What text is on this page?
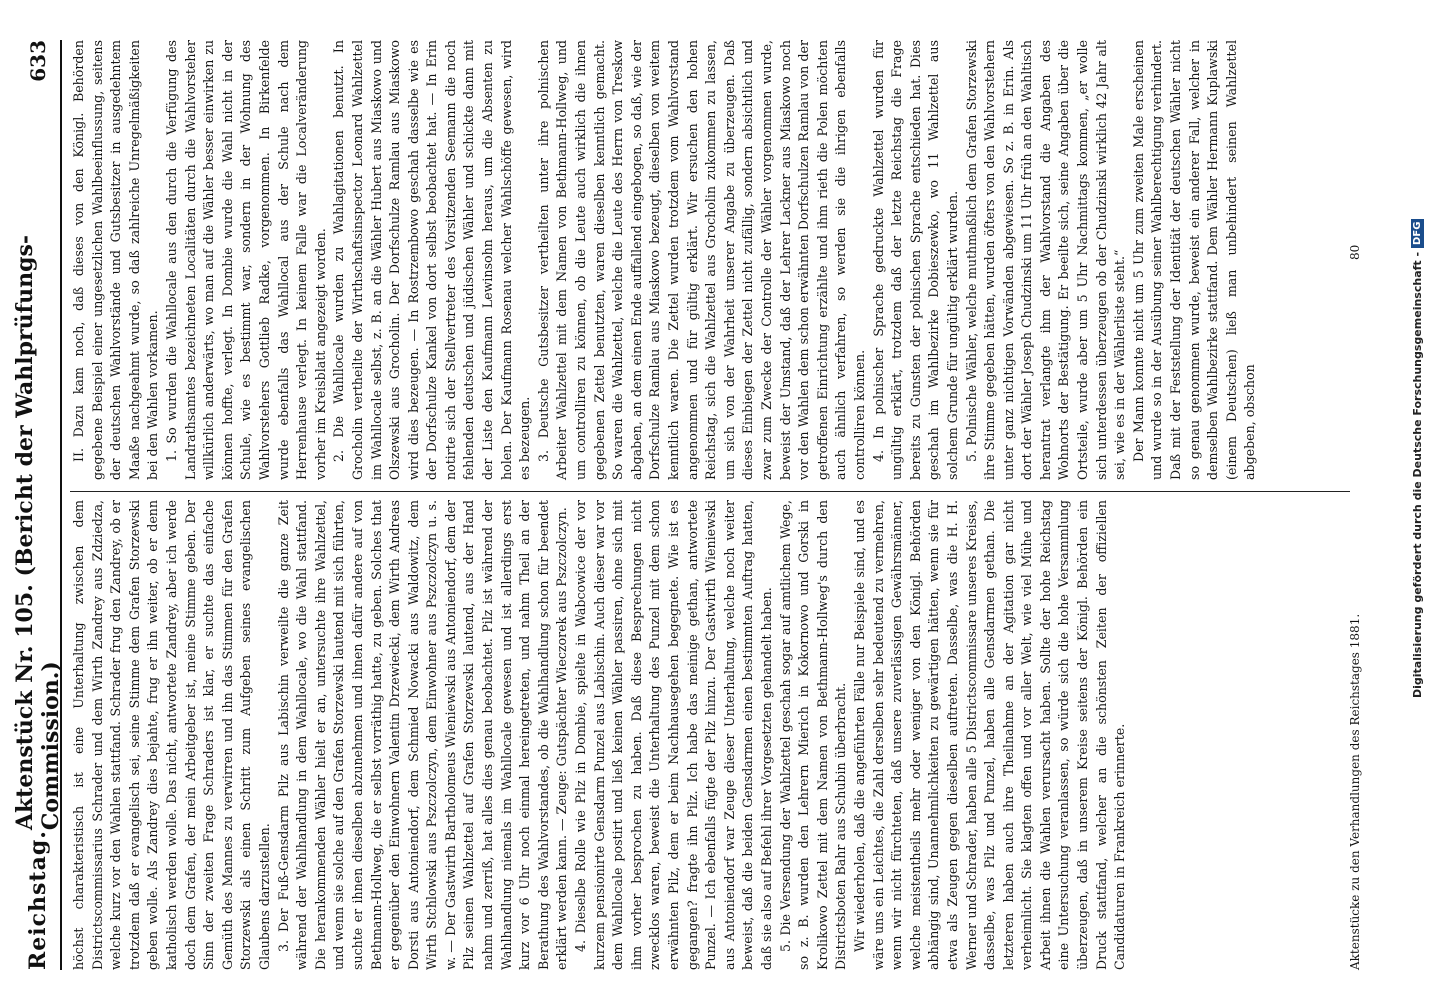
Reichstag.
Aktenstück Nr. 105. (Bericht der Wahlprüfungs-Commission.)
633

höchst charakteristisch ist eine Unterhaltung zwischen dem Districtscommissarius Schrader und dem Wirth Zandrey aus Zdziedza, welche kurz vor den Wahlen stattfand. Schrader frug den Zandrey, ob er trotzdem daß er evangelisch sei, seine Stimme dem Grafen Storzewski geben wolle. Als Zandrey dies bejahte, frug er ihn weiter, ob er denn katholisch werden wolle. Das nicht, antwortete Zandrey, aber ich werde doch dem Grafen, der mein Arbeitgeber ist, meine Stimme geben. Der Sinn der zweiten Frage Schraders ist klar, er suchte das einfache Gemüth des Mannes zu verwirren und ihn das Stimmen für den Grafen Storzewski als einen Schritt zum Aufgeben seines evangelischen Glaubens darzustellen. 3. Der Fuß-Gensdarm Pilz aus Labischin verweilte die ganze Zeit während der Wahlhandlung in dem Wahllocale, wo die Wahl stattfand. Die herankommenden Wähler hielt er an, untersuchte ihre Wahlzettel, und wenn sie solche auf den Grafen Storzewski lautend mit sich führten, suchte er ihnen dieselben abzunehmen und ihnen dafür andere auf von Bethmann-Hollweg, die er selbst vorräthig hatte, zu geben. Solches that er gegenüber den Einwohnern Valentin Drzewiecki, dem Wirth Andreas Dorsti aus Antoniendorf, dem Schmied Nowacki aus Waldowitz, dem Wirth Stchlowski aus Pszczolczyn, dem Einwohner aus Pszczolczyn u. s. w. — Der Gastwirth Bartholomeus Wieniewski aus Antoniendorf, dem der Pilz seinen Wahlzettel auf Grafen Storzewski lautend, aus der Hand nahm und zerriß, hat alles dies genau beobachtet. Pilz ist während der Wahlhandlung niemals im Wahllocale gewesen und ist allerdings erst kurz vor 6 Uhr noch einmal hereingetreten, und nahm Theil an der Berathung des Wahlvorstandes, ob die Wahlhandlung schon für beendet erklärt werden kann. — Zeuge: Gutspächter Wieczorek aus Pszczolczyn. 4. Dieselbe Rolle wie Pilz in Dombie, spielte in Wabcowice der vor kurzem pensionirte Gensdarm Punzel aus Labischin. Auch dieser war vor dem Wahllocale postirt und ließ keinen Wähler passiren, ohne sich mit ihm vorher besprochen zu haben. Daß diese Besprechungen nicht zwecklos waren, beweist die Unterhaltung des Punzel mit dem schon erwähnten Pilz, dem er beim Nachhausegehen begegnete. Wie ist es gegangen? fragte ihn Pilz. Ich habe das meinige gethan, antwortete Punzel. — Ich ebenfalls fügte der Pilz hinzu. Der Gastwirth Wieniewski aus Antoniendorf war Zeuge dieser Unterhaltung, welche noch weiter beweist, daß die beiden Gensdarmen einen bestimmten Auftrag hatten, daß sie also auf Befehl ihrer Vorgesetzten gehandelt haben. 5. Die Versendung der Wahlzettel geschah sogar auf amtlichem Wege, so z. B. wurden den Lehrern Mierich in Kokornowo und Gorski in Krolikowo Zettel mit dem Namen von Bethmann-Hollweg's durch den Districtsboten Bahr aus Schubin überbracht. Wir wiederholen, daß die angeführten Fälle nur Beispiele sind, und es wäre uns ein Leichtes, die Zahl derselben sehr bedeutend zu vermehren, wenn wir nicht fürchteten, daß unsere zuverlässigen Gewährsmänner, welche meistentheils mehr oder weniger von den Königl. Behörden abhängig sind, Unannehmlichkeiten zu gewärtigen hätten, wenn sie für etwa als Zeugen gegen dieselben auftreten. Dasselbe, was die H. H. Werner und Schrader, haben alle 5 Districtscommissare unseres Kreises, dasselbe, was Pilz und Punzel, haben alle Gensdarmen gethan. Die letzteren haben auch ihre Theilnahme an der Agitation gar nicht verheimlicht. Sie klagten offen und vor aller Welt, wie viel Mühe und Arbeit ihnen die Wahlen verursacht haben. Sollte der hohe Reichstag eine Untersuchung veranlassen, so würde sich die hohe Versammlung überzeugen, daß in unserem Kreise seitens der Königl. Behörden ein Druck stattfand, welcher an die schönsten Zeiten der offiziellen Candidaturen in Frankreich erinnerte.

II. Dazu kam noch, daß dieses von den Königl. Behörden gegebene Beispiel einer ungesetzlichen Wahlbeeinflussung, seitens der deutschen Wahlvorstände und Gutsbesitzer in ausgedehntem Maaße nachgeahmt wurde, so daß zahlreiche Unregelmäßigkeiten bei den Wahlen vorkamen. 1. So wurden die Wahllocale aus den durch die Verfügung des Landrathsamtes bezeichneten Localitäten durch die Wahlvorsteher willkürlich anderwärts, wo man auf die Wähler besser einwirken zu können hoffte, verlegt. In Dombie wurde die Wahl nicht in der Schule, wie es bestimmt war, sondern in der Wohnung des Wahlvorstehers Gottlieb Radke, vorgenommen. In Birkenfelde wurde ebenfalls das Wahllocal aus der Schule nach dem Herrenhause verlegt. In keinem Falle war die Localveränderung vorher im Kreisblatt angezeigt worden. 2. Die Wahllocale wurden zu Wahlagitationen benutzt. In Grocholin vertheilte der Wirthschaftsinspector Leonard Wahlzettel im Wahllocale selbst, z. B. an die Wähler Hubert aus Miaskowo und Olszewski aus Grocholin. Der Dorfschulze Ramlau aus Miaskowo wird dies bezeugen. — In Rostrzembowo geschah dasselbe wie es der Dorfschulze Kankel von dort selbst beobachtet hat. — In Erin notirte sich der Stellvertreter des Vorsitzenden Seemann die noch fehlenden deutschen und jüdischen Wähler und schickte dann mit der Liste den Kaufmann Lewinsohn heraus, um die Absenten zu holen. Der Kaufmann Rosenau welcher Wahlschöffe gewesen, wird es bezeugen. 3. Deutsche Gutsbesitzer vertheilten unter ihre polnischen Arbeiter Wahlzettel mit dem Namen von Bethmann-Hollweg, und um controlliren zu können, ob die Leute auch wirklich die ihnen gegebenen Zettel benutzten, waren dieselben kenntlich gemacht. So waren die Wahlzettel, welche die Leute des Herrn von Treskow abgaben, an dem einen Ende auffallend eingebogen, so daß, wie der Dorfschulze Ramlau aus Miaskowo bezeugt, dieselben von weitem kenntlich waren. Die Zettel wurden trotzdem vom Wahlvorstand angenommen und für gültig erklärt. Wir ersuchen den hohen Reichstag, sich die Wahlzettel aus Grocholin zukommen zu lassen, um sich von der Wahrheit unserer Angabe zu überzeugen. Daß dieses Einbiegen der Zettel nicht zufällig, sondern absichtlich und zwar zum Zwecke der Controlle der Wähler vorgenommen wurde, beweist der Umstand, daß der Lehrer Lackner aus Miaskowo noch vor den Wahlen dem schon erwähnten Dorfschulzen Ramlau von der getroffenen Einrichtung erzählte und ihm rieth die Polen möchten auch ähnlich verfahren, so werden sie die ihrigen ebenfalls controlliren können. 4. In polnischer Sprache gedruckte Wahlzettel wurden für ungültig erklärt, trotzdem daß der letzte Reichstag die Frage bereits zu Gunsten der polnischen Sprache entschieden hat. Dies geschah im Wahlbezirke Dobieszewko, wo 11 Wahlzettel aus solchem Grunde für ungültig erklärt wurden. 5. Polnische Wähler, welche muthmaßlich dem Grafen Storzewski ihre Stimme gegeben hätten, wurden öfters von den Wahlvorstehern unter ganz nichtigen Vorwänden abgewiesen. So z. B. in Erin. Als dort der Wähler Joseph Chudzinski um 11 Uhr früh an den Wahltisch herantrat verlangte ihm der Wahlvorstand die Angaben des Wohnorts der Bestätigung. Er beeilte sich, seine Angaben über die Ortsteile, wurde aber um 5 Uhr Nachmittags kommen, „er wolle sich unterdessen überzeugen ob der Chudzinski wirklich 42 Jahr alt sei, wie es in der Wählerliste steht.“ Der Mann konnte nicht um 5 Uhr zum zweiten Male erscheinen und wurde so in der Ausübung seiner Wahlberechtigung verhindert. Daß mit der Feststellung der Identität der deutschen Wähler nicht so genau genommen wurde, beweist ein anderer Fall, welcher in demselben Wahlbezirke stattfand. Dem Wähler Hermann Kuplawski (einem Deutschen) ließ man unbehindert seinen Wahlzettel abgeben, obschon

Aktenstücke zu den Verhandlungen des Reichstages 1881.
80	Digitalisierung gefördert durch die Deutsche Forschungsgemeinschaft -
DFG
